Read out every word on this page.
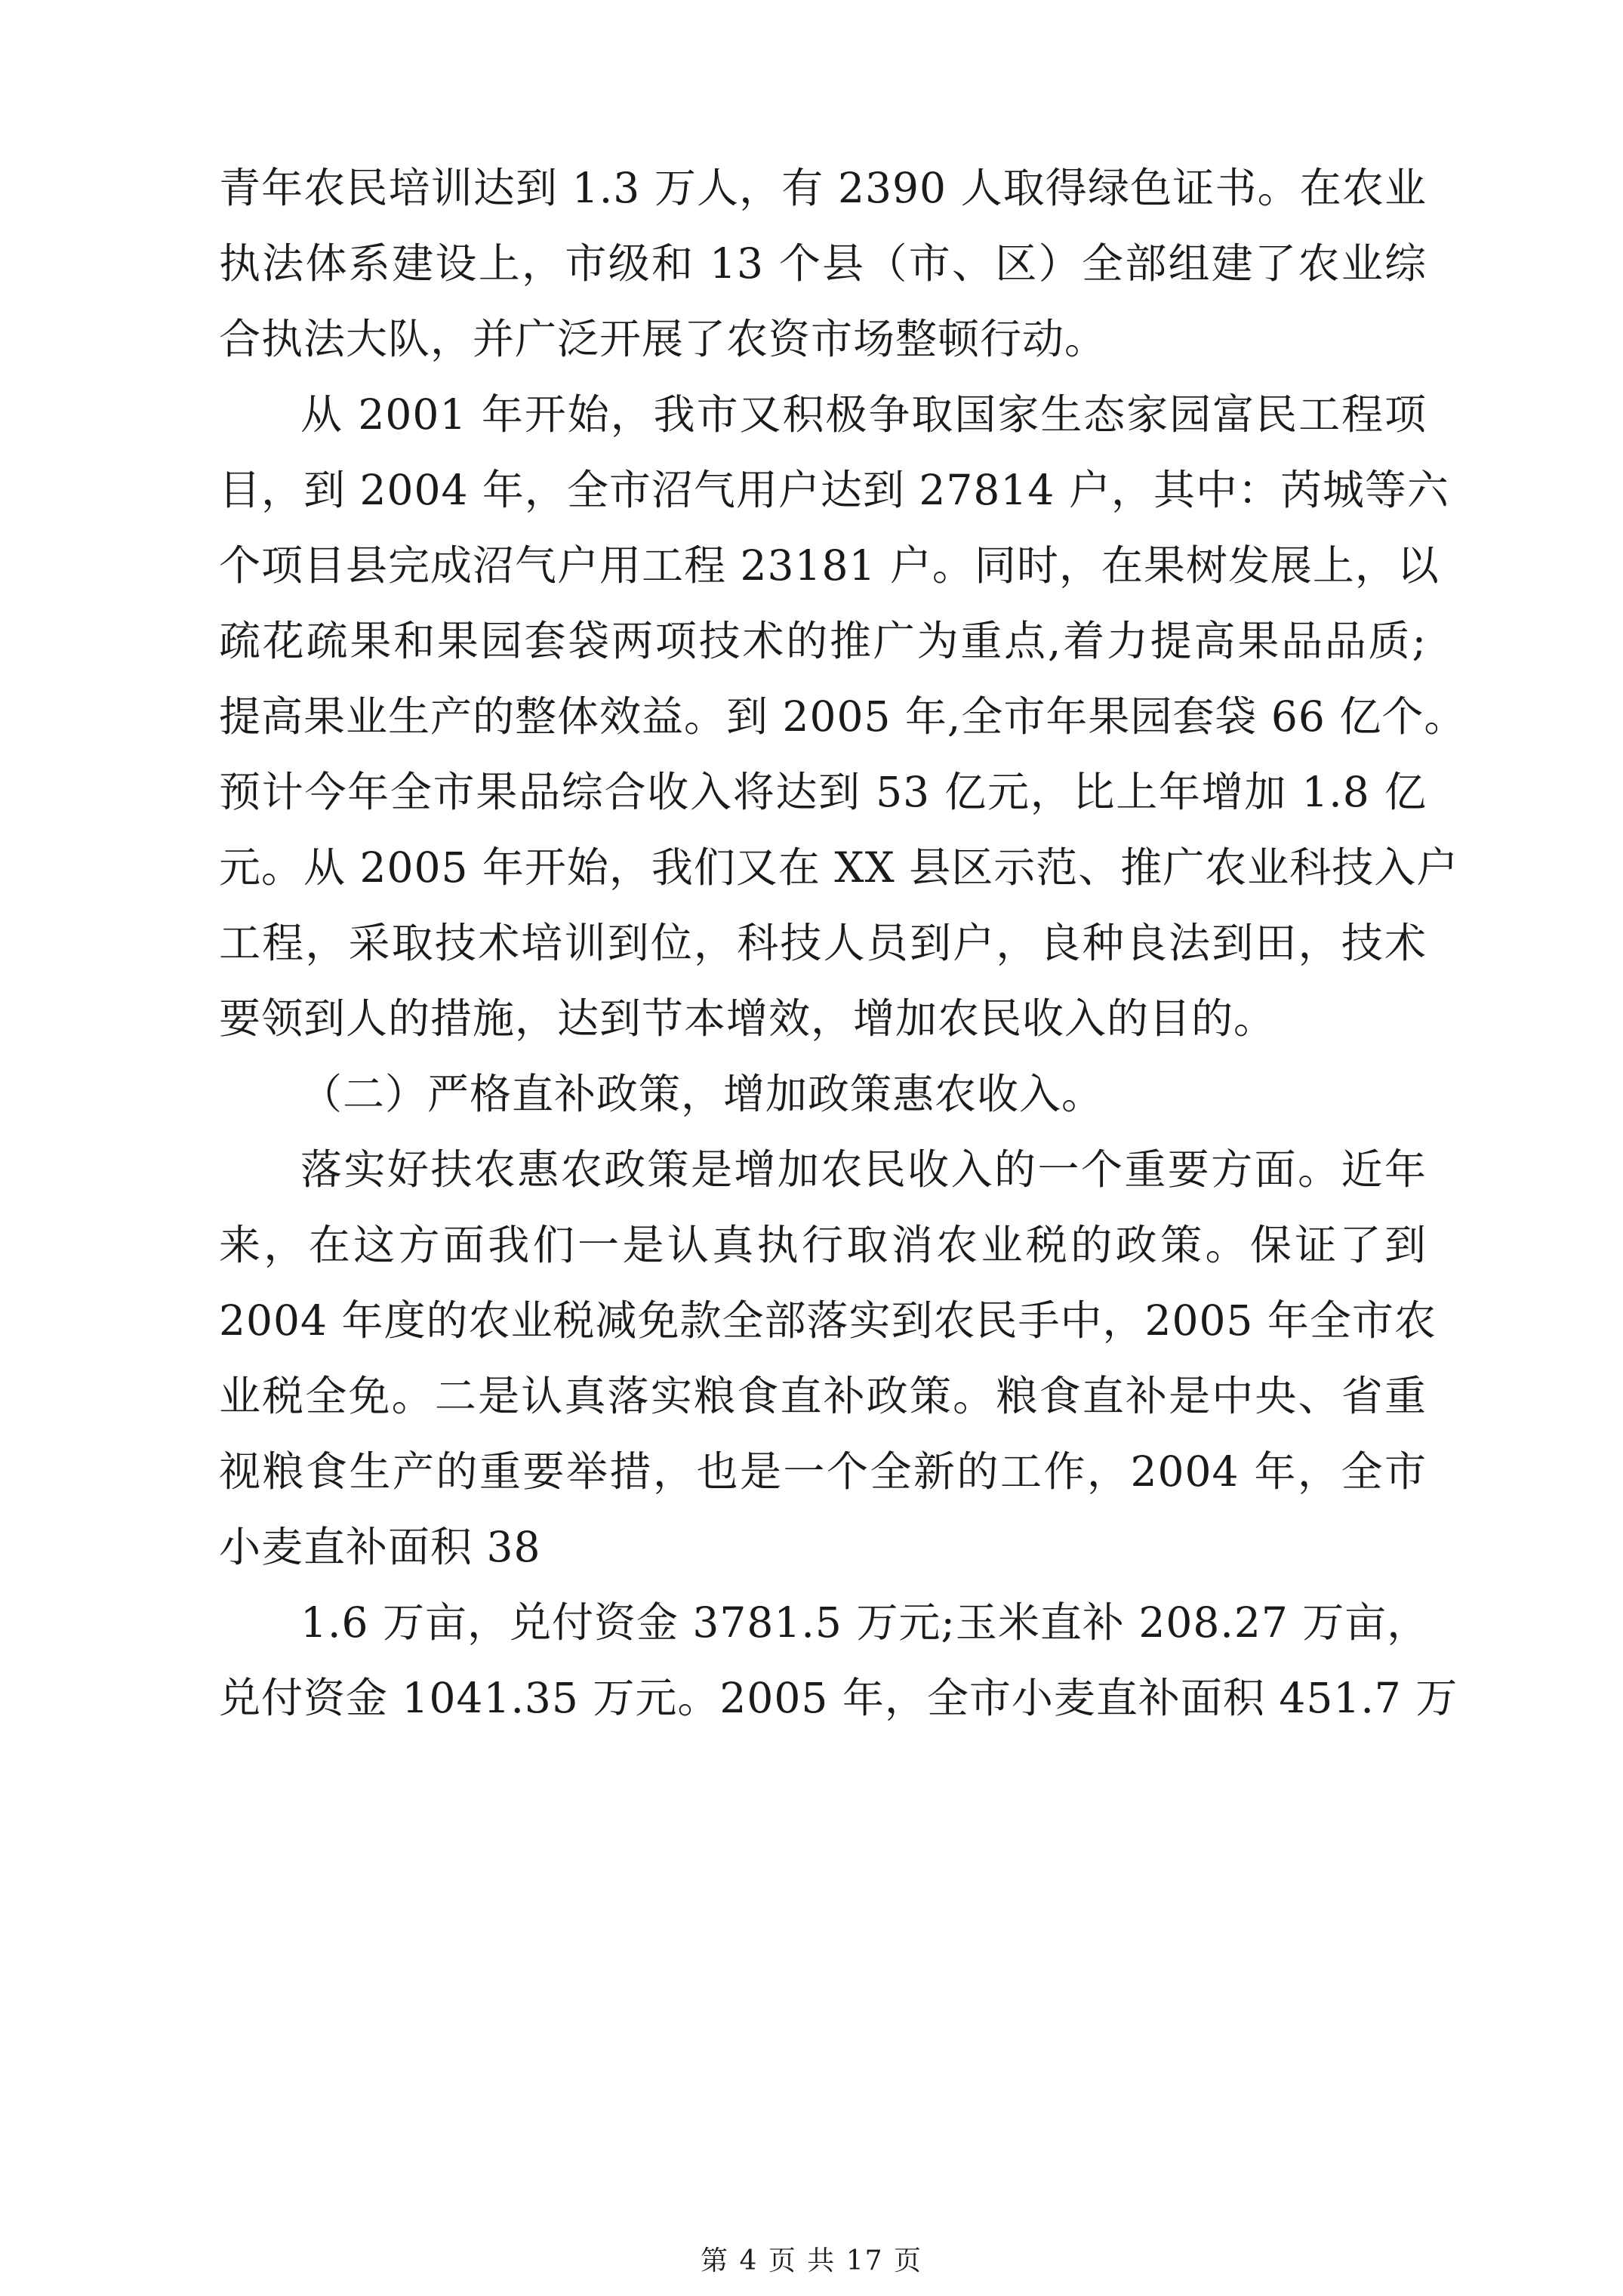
青年农民培训达到 1.3 万人，有 2390 人取得绿色证书。在农业
执法体系建设上，市级和 13 个县（市、区）全部组建了农业综
合执法大队，并广泛开展了农资市场整顿行动。
从 2001 年开始，我市又积极争取国家生态家园富民工程项
目，到 2004 年，全市沼气用户达到 27814 户，其中：芮城等六
个项目县完成沼气户用工程 23181 户。同时，在果树发展上，以
疏花疏果和果园套袋两项技术的推广为重点,着力提高果品品质;
提高果业生产的整体效益。到 2005 年,全市年果园套袋 66 亿个。
预计今年全市果品综合收入将达到 53 亿元，比上年增加 1.8 亿
元。从 2005 年开始，我们又在 XX 县区示范、推广农业科技入户
工程，采取技术培训到位，科技人员到户，良种良法到田，技术
要领到人的措施，达到节本增效，增加农民收入的目的。
（二）严格直补政策，增加政策惠农收入。
落实好扶农惠农政策是增加农民收入的一个重要方面。近年
来，在这方面我们一是认真执行取消农业税的政策。保证了到
2004 年度的农业税减免款全部落实到农民手中，2005 年全市农
业税全免。二是认真落实粮食直补政策。粮食直补是中央、省重
视粮食生产的重要举措，也是一个全新的工作，2004 年，全市
小麦直补面积 38
1.6 万亩，兑付资金 3781.5 万元;玉米直补 208.27 万亩，
兑付资金 1041.35 万元。2005 年，全市小麦直补面积 451.7 万
第 4 页 共 17 页
